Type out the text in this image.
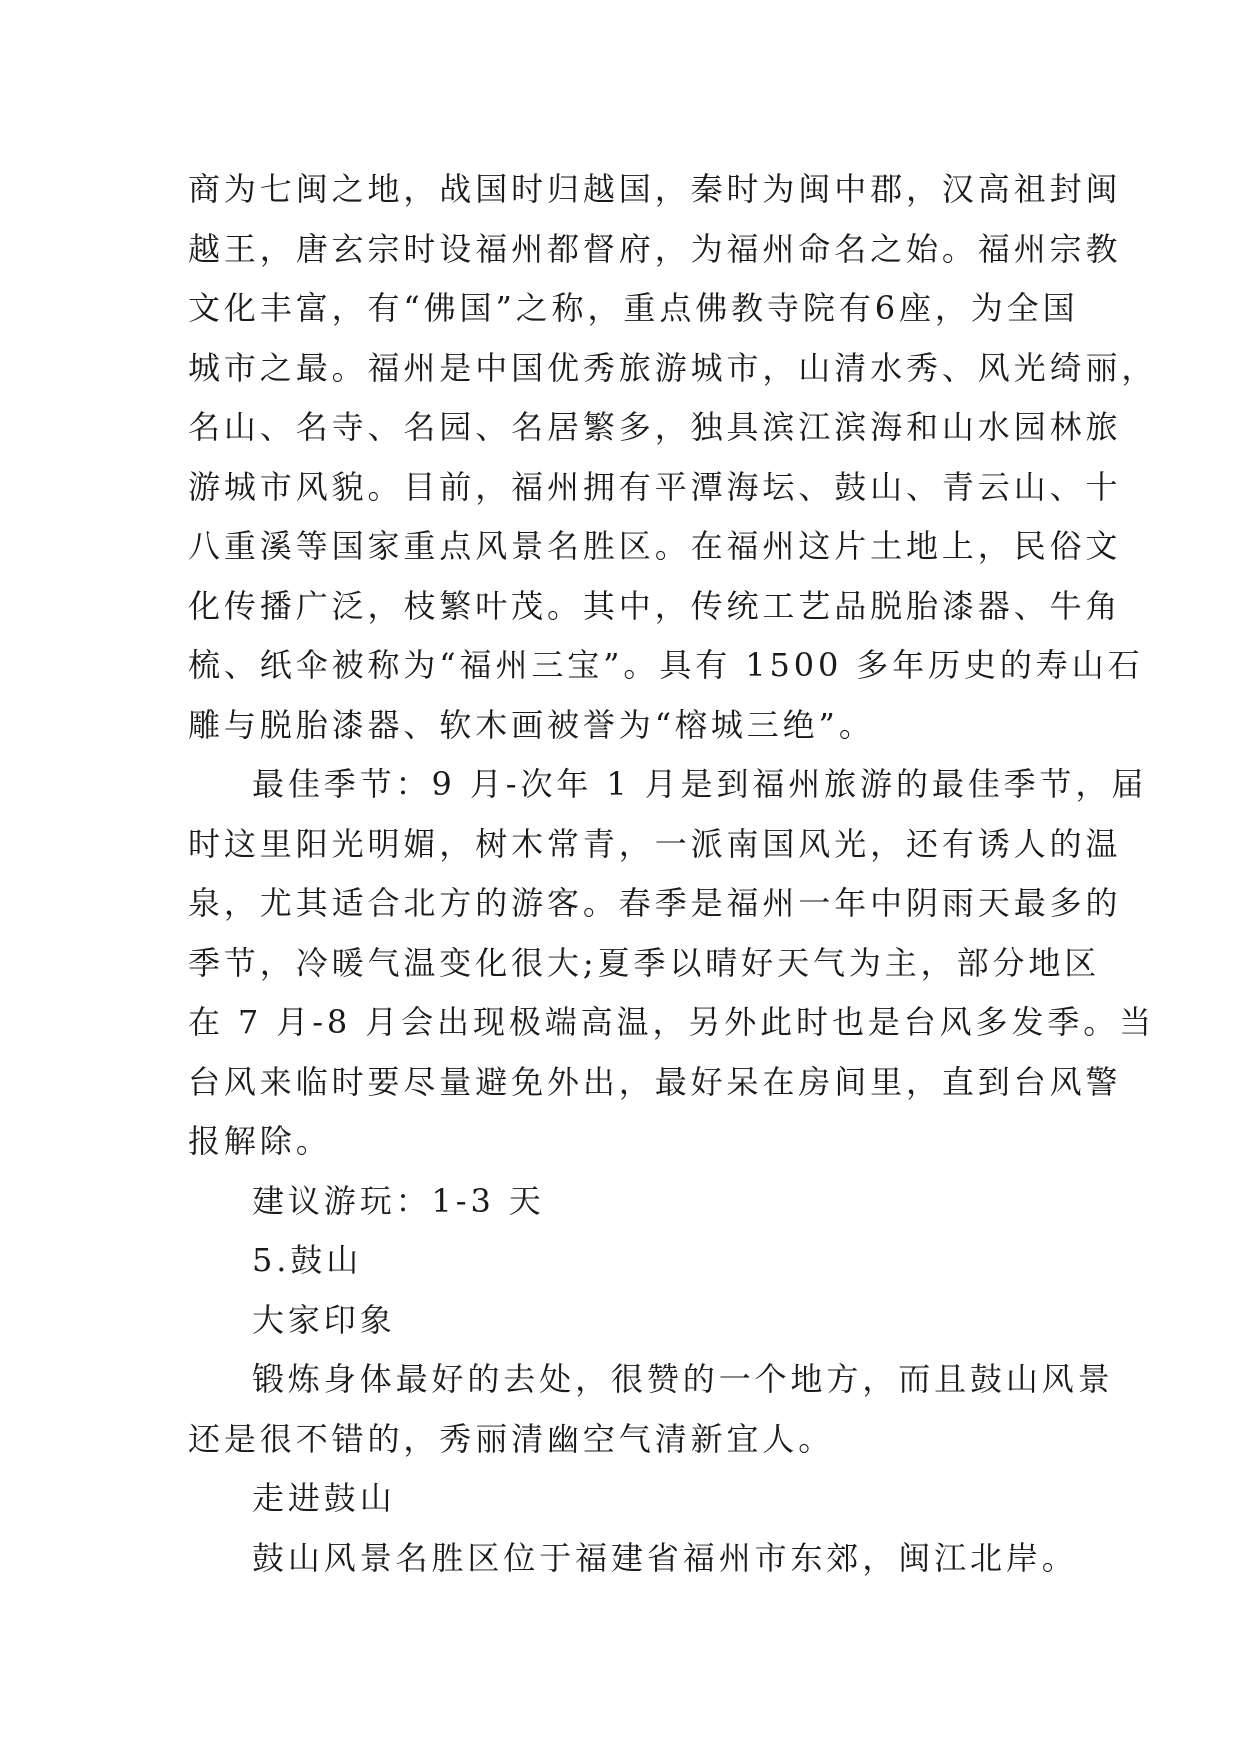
商为七闽之地，战国时归越国，秦时为闽中郡，汉高祖封闽
越王，唐玄宗时设福州都督府，为福州命名之始。福州宗教
文化丰富，有“佛国”之称，重点佛教寺院有6座，为全国
城市之最。福州是中国优秀旅游城市，山清水秀、风光绮丽，
名山、名寺、名园、名居繁多，独具滨江滨海和山水园林旅
游城市风貌。目前，福州拥有平潭海坛、鼓山、青云山、十
八重溪等国家重点风景名胜区。在福州这片土地上，民俗文
化传播广泛，枝繁叶茂。其中，传统工艺品脱胎漆器、牛角
梳、纸伞被称为“福州三宝”。具有 1500 多年历史的寿山石
雕与脱胎漆器、软木画被誉为“榕城三绝”。

最佳季节：9 月-次年 1 月是到福州旅游的最佳季节，届
时这里阳光明媚，树木常青，一派南国风光，还有诱人的温
泉，尤其适合北方的游客。春季是福州一年中阴雨天最多的
季节，冷暖气温变化很大;夏季以晴好天气为主，部分地区
在 7 月-8 月会出现极端高温，另外此时也是台风多发季。当
台风来临时要尽量避免外出，最好呆在房间里，直到台风警
报解除。

建议游玩：1-3 天

5.鼓山

大家印象

锻炼身体最好的去处，很赞的一个地方，而且鼓山风景
还是很不错的，秀丽清幽空气清新宜人。

走进鼓山

鼓山风景名胜区位于福建省福州市东郊，闽江北岸。
